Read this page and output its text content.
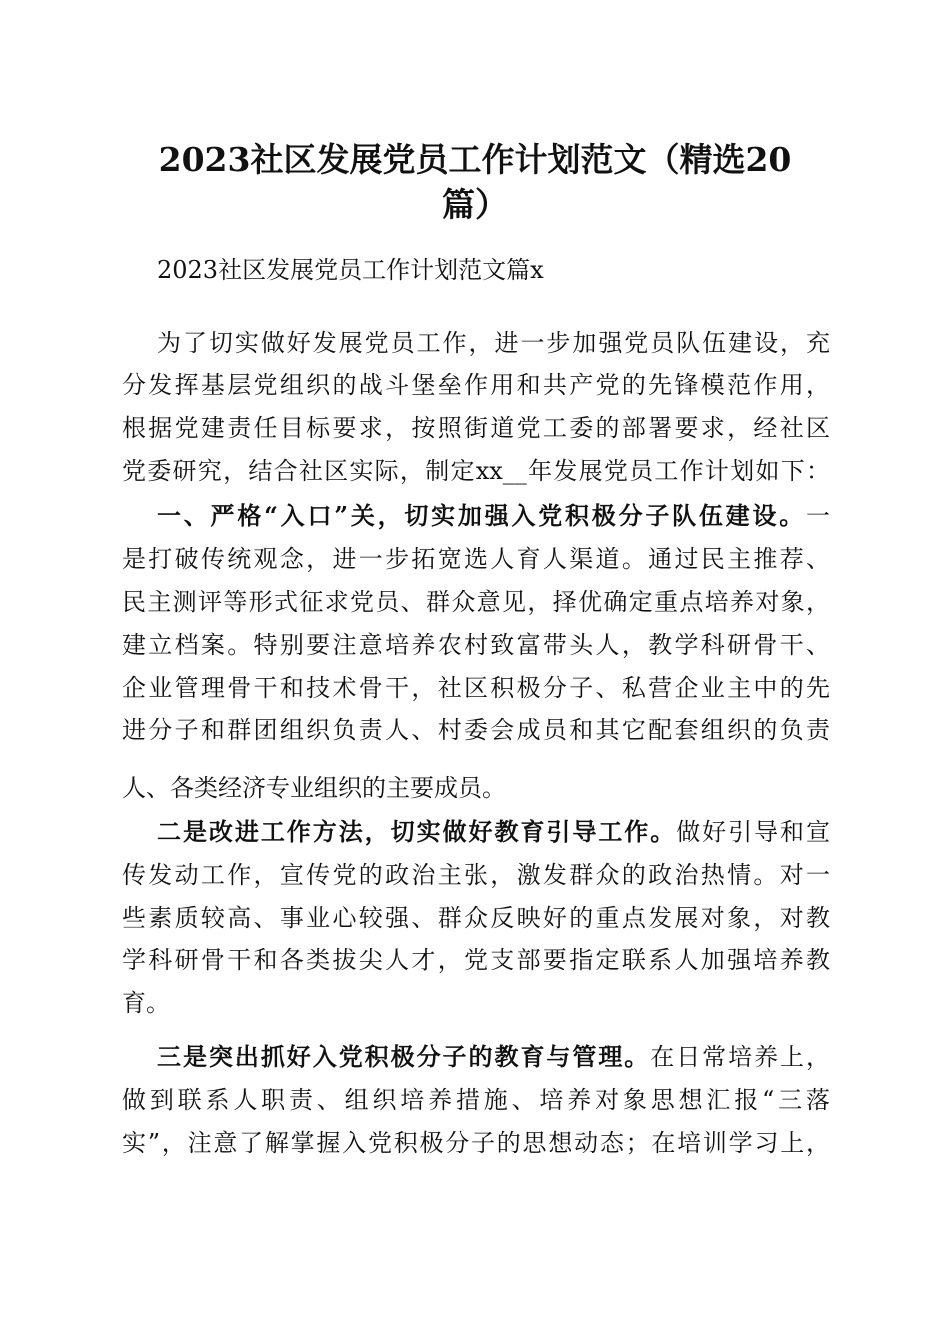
2023社区发展党员工作计划范文（精选20
篇）
2023社区发展党员工作计划范文篇x
为了切实做好发展党员工作，进一步加强党员队伍建设，充
分发挥基层党组织的战斗堡垒作用和共产党的先锋模范作用，
根据党建责任目标要求，按照街道党工委的部署要求，经社区
党委研究，结合社区实际，制定xx__年发展党员工作计划如下：
一、严格“入口”关，切实加强入党积极分子队伍建设。一
是打破传统观念，进一步拓宽选人育人渠道。通过民主推荐、
民主测评等形式征求党员、群众意见，择优确定重点培养对象，
建立档案。特别要注意培养农村致富带头人，教学科研骨干、
企业管理骨干和技术骨干，社区积极分子、私营企业主中的先
进分子和群团组织负责人、村委会成员和其它配套组织的负责
人、各类经济专业组织的主要成员。
二是改进工作方法，切实做好教育引导工作。做好引导和宣
传发动工作，宣传党的政治主张，激发群众的政治热情。对一
些素质较高、事业心较强、群众反映好的重点发展对象，对教
学科研骨干和各类拔尖人才，党支部要指定联系人加强培养教
育。
三是突出抓好入党积极分子的教育与管理。在日常培养上，
做到联系人职责、组织培养措施、培养对象思想汇报“三落
实”，注意了解掌握入党积极分子的思想动态；在培训学习上，
